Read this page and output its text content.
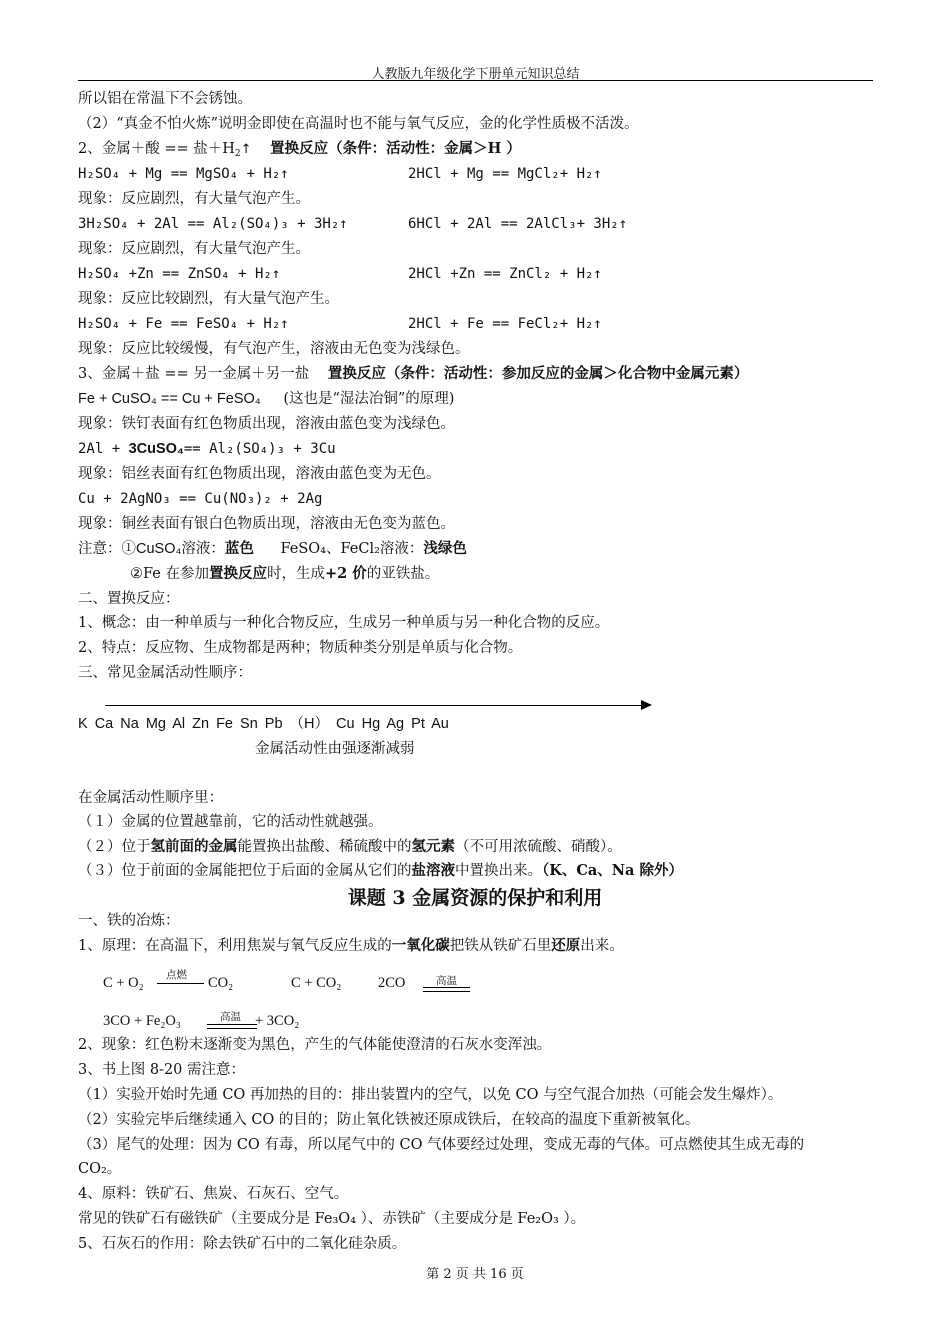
人教版九年级化学下册单元知识总结
所以铝在常温下不会锈蚀。
（2）“真金不怕火炼”说明金即使在高温时也不能与氧气反应，金的化学性质极不活泼。
2、金属＋酸 == 盐$+H_2↑$ 置换反应（条件：活动性：金属＞H ）
H₂SO₄ + Mg == MgSO₄ + H₂↑	2HCl + Mg == MgCl₂+ H₂↑
现象：反应剧烈，有大量气泡产生。
3H₂SO₄ + 2Al == Al₂(SO₄)₃ + 3H₂↑	6HCl + 2Al == 2AlCl₃+ 3H₂↑
现象：反应剧烈，有大量气泡产生。
H₂SO₄ +Zn == ZnSO₄ + H₂↑	2HCl +Zn == ZnCl₂ + H₂↑
现象：反应比较剧烈，有大量气泡产生。
H₂SO₄ + Fe == FeSO₄ + H₂↑	2HCl + Fe == FeCl₂+ H₂↑
现象：反应比较缓慢，有气泡产生，溶液由无色变为浅绿色。
3、金属＋盐 == 另一金属＋另一盐 置换反应（条件：活动性：参加反应的金属＞化合物中金属元素）
Fe + CuSO₄ == Cu + FeSO₄ (这也是“湿法冶铜”的原理)
现象：铁钉表面有红色物质出现，溶液由蓝色变为浅绿色。
2Al + 3CuSO₄== Al₂(SO₄)₃ + 3Cu
现象：铝丝表面有红色物质出现，溶液由蓝色变为无色。
Cu + 2AgNO₃ == Cu(NO₃)₂ + 2Ag
现象：铜丝表面有银白色物质出现，溶液由无色变为蓝色。
注意：①CuSO₄溶液：蓝色 FeSO₄、FeCl₂溶液：浅绿色
②Fe 在参加置换反应时，生成+2 价的亚铁盐。
二、置换反应：
1、概念：由一种单质与一种化合物反应，生成另一种单质与另一种化合物的反应。
2、特点：反应物、生成物都是两种；物质种类分别是单质与化合物。
三、常见金属活动性顺序：
K Ca Na Mg Al Zn Fe Sn Pb （H） Cu Hg Ag Pt Au
金属活动性由强逐渐减弱
在金属活动性顺序里：
（１）金属的位置越靠前，它的活动性就越强。
（２）位于氢前面的金属能置换出盐酸、稀硫酸中的氢元素（不可用浓硫酸、硝酸）。
（３）位于前面的金属能把位于后面的金属从它们的盐溶液中置换出来。（K、Ca、Na 除外）
课题 3 金属资源的保护和利用
一、铁的冶炼：
1、原理：在高温下，利用焦炭与氧气反应生成的一氧化碳把铁从铁矿石里还原出来。
C + O₂ 点燃 CO₂	C + CO₂	2CO	高温
3CO + Fe₂O₃	高温 + 3CO₂
2、现象：红色粉末逐渐变为黑色，产生的气体能使澄清的石灰水变浑浊。
3、书上图 8-20 需注意：
（1）实验开始时先通 CO 再加热的目的：排出装置内的空气，以免 CO 与空气混合加热（可能会发生爆炸）。
（2）实验完毕后继续通入 CO 的目的；防止氧化铁被还原成铁后，在较高的温度下重新被氧化。
（3）尾气的处理：因为 CO 有毒，所以尾气中的 CO 气体要经过处理，变成无毒的气体。可点燃使其生成无毒的
CO₂。
4、原料：铁矿石、焦炭、石灰石、空气。
常见的铁矿石有磁铁矿（主要成分是 Fe₃O₄ ）、赤铁矿（主要成分是 Fe₂O₃ ）。
5、石灰石的作用：除去铁矿石中的二氧化硅杂质。
第 2 页 共 16 页
